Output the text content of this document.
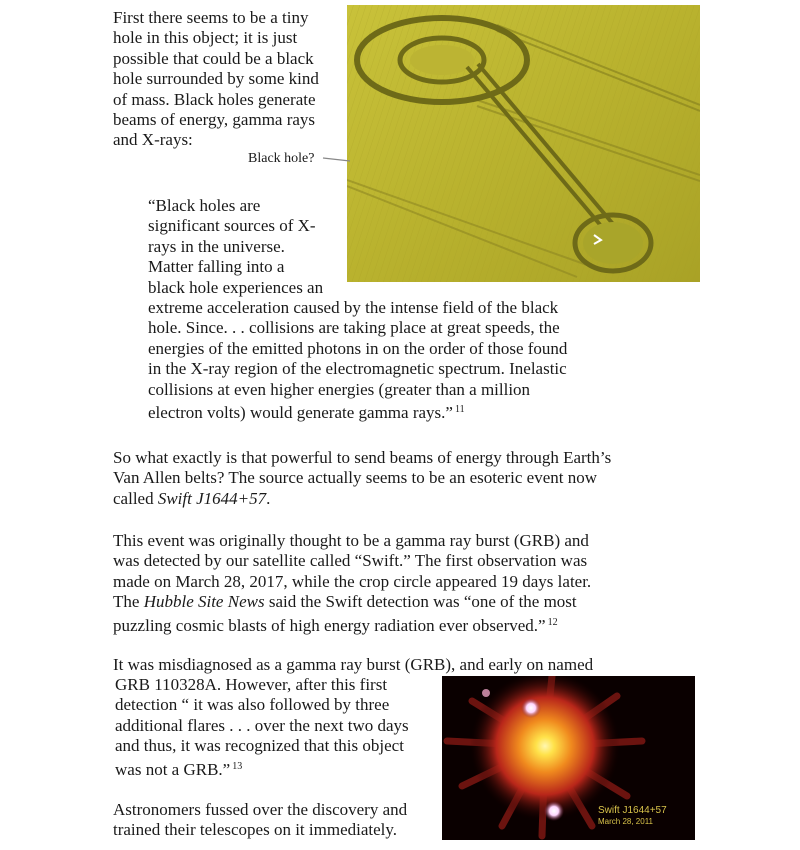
Black hole?
First there seems to be a tiny
hole in this object; it is just
possible that could be a black
hole surrounded by some kind
of mass. Black holes generate
beams of energy, gamma rays
and X-rays:
“Black holes are
significant sources of X-
rays in the universe.
Matter falling into a
black hole experiences an
extreme acceleration caused by the intense field of the black
hole. Since. . . collisions are taking place at great speeds, the
energies of the emitted photons in on the order of those found
in the X-ray region of the electromagnetic spectrum. Inelastic
collisions at even higher energies (greater than a million
electron volts) would generate gamma rays.” $^{11}$
So what exactly is that powerful to send beams of energy through Earth’s
Van Allen belts? The source actually seems to be an esoteric event now
called Swift J1644+57.
This event was originally thought to be a gamma ray burst (GRB) and
was detected by our satellite called “Swift.” The first observation was
made on March 28, 2017, while the crop circle appeared 19 days later.
The Hubble Site News said the Swift detection was “one of the most
puzzling cosmic blasts of high energy radiation ever observed.” $^{12}$
It was misdiagnosed as a gamma ray burst (GRB), and early on named
GRB 110328A. However, after this first
detection “ it was also followed by three
additional flares . . . over the next two days
and thus, it was recognized that this object
was not a GRB.” $^{13}$
Astronomers fussed over the discovery and
trained their telescopes on it immediately.
Swift J1644+57
March 28, 2011
